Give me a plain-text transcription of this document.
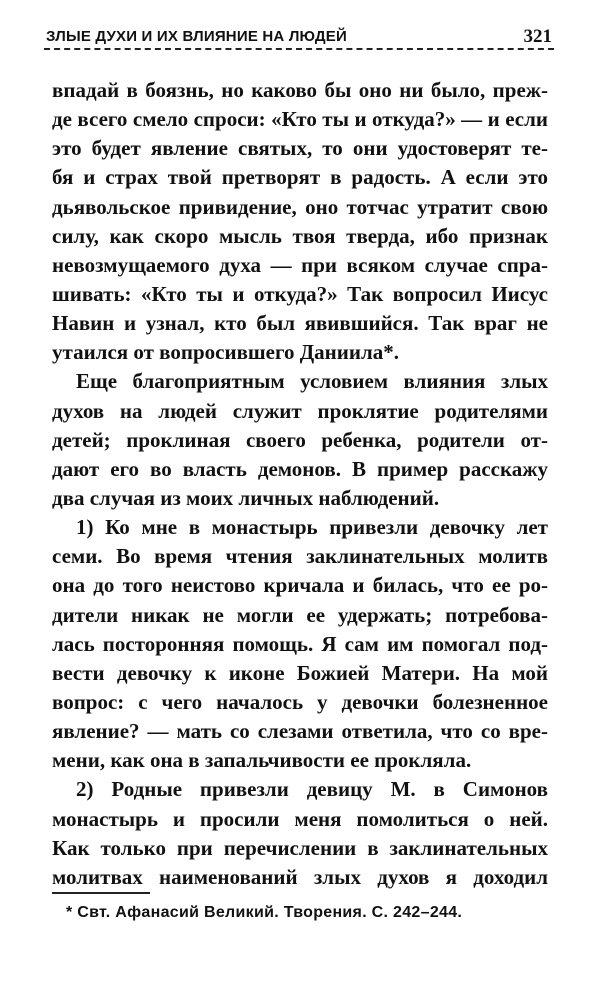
ЗЛЫЕ ДУХИ И ИХ ВЛИЯНИЕ НА ЛЮДЕЙ	321
впадай в боязнь, но каково бы оно ни было, преж-
де всего смело спроси: «Кто ты и откуда?» — и если
это будет явление святых, то они удостоверят те-
бя и страх твой претворят в радость. А если это
дьявольское привидение, оно тотчас утратит свою
силу, как скоро мысль твоя тверда, ибо признак
невозмущаемого духа — при всяком случае спра-
шивать: «Кто ты и откуда?» Так вопросил Иисус
Навин и узнал, кто был явившийся. Так враг не
утаился от вопросившего Даниила*.
Еще благоприятным условием влияния злых
духов на людей служит проклятие родителями
детей; проклиная своего ребенка, родители от-
дают его во власть демонов. В пример расскажу
два случая из моих личных наблюдений.
1) Ко мне в монастырь привезли девочку лет
семи. Во время чтения заклинательных молитв
она до того неистово кричала и билась, что ее ро-
дители никак не могли ее удержать; потребова-
лась посторонняя помощь. Я сам им помогал под-
вести девочку к иконе Божией Матери. На мой
вопрос: с чего началось у девочки болезненное
явление? — мать со слезами ответила, что со вре-
мени, как она в запальчивости ее прокляла.
2) Родные привезли девицу М. в Симонов
монастырь и просили меня помолиться о ней.
Как только при перечислении в заклинательных
молитвах наименований злых духов я доходил
* Свт. Афанасий Великий. Творения. С. 242–244.
